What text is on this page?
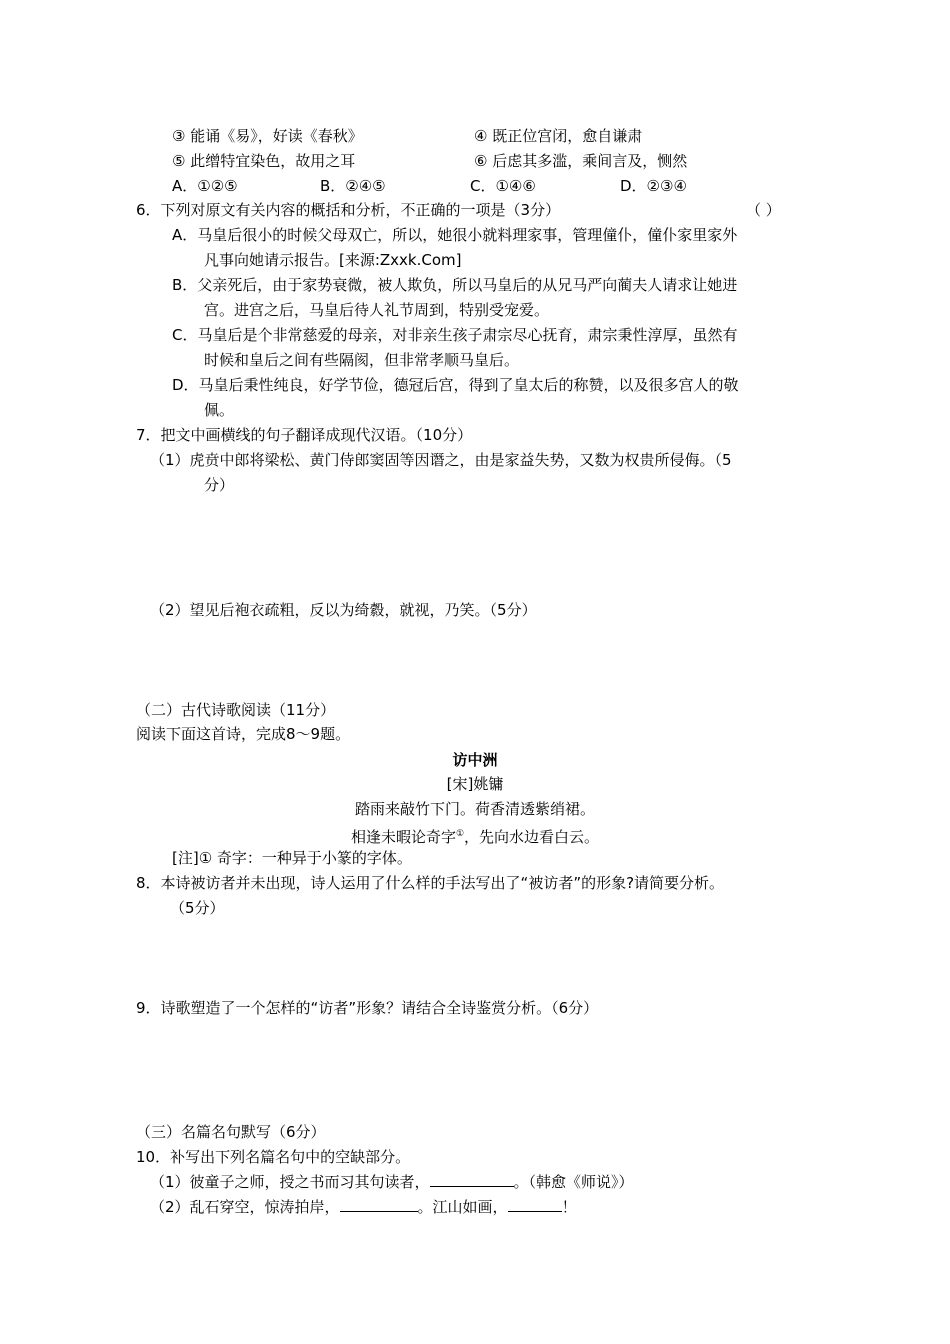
③ 能诵《易》，好读《春秋》	④ 既正位宫闭，愈自谦肃
⑤ 此缯特宜染色，故用之耳	⑥ 后虑其多滥，乘间言及，恻然
A．①②⑤	B．②④⑤	C．①④⑥	D．②③④
6．下列对原文有关内容的概括和分析，不正确的一项是（3分）	（ ）
A．马皇后很小的时候父母双亡，所以，她很小就料理家事，管理僮仆，僮仆家里家外
凡事向她请示报告。[来源:Zxxk.Com]
B．父亲死后，由于家势衰微，被人欺负，所以马皇后的从兄马严向蔺夫人请求让她进
宫。进宫之后，马皇后待人礼节周到，特别受宠爱。
C．马皇后是个非常慈爱的母亲，对非亲生孩子肃宗尽心抚育，肃宗秉性淳厚，虽然有
时候和皇后之间有些隔阂，但非常孝顺马皇后。
D．马皇后秉性纯良，好学节俭，德冠后宫，得到了皇太后的称赞，以及很多宫人的敬
佩。
7．把文中画横线的句子翻译成现代汉语。（10分）
（1）虎贲中郎将梁松、黄门侍郎窦固等因谮之，由是家益失势，又数为权贵所侵侮。（5
分）
（2）望见后袍衣疏粗，反以为绮縠，就视，乃笑。（5分）
（二）古代诗歌阅读（11分）
阅读下面这首诗，完成8～9题。
访中洲
[宋]姚镛
踏雨来敲竹下门。荷香清透紫绡裙。
相逢未暇论奇字①，先向水边看白云。
[注]① 奇字：一种异于小篆的字体。
8．本诗被访者并未出现，诗人运用了什么样的手法写出了“被访者”的形象?请简要分析。
（5分）
9．诗歌塑造了一个怎样的“访者”形象？请结合全诗鉴赏分析。（6分）
（三）名篇名句默写（6分）
10．补写出下列名篇名句中的空缺部分。
（1）彼童子之师，授之书而习其句读者，	。（韩愈《师说》）
（2）乱石穿空，惊涛拍岸，	。江山如画，	！
